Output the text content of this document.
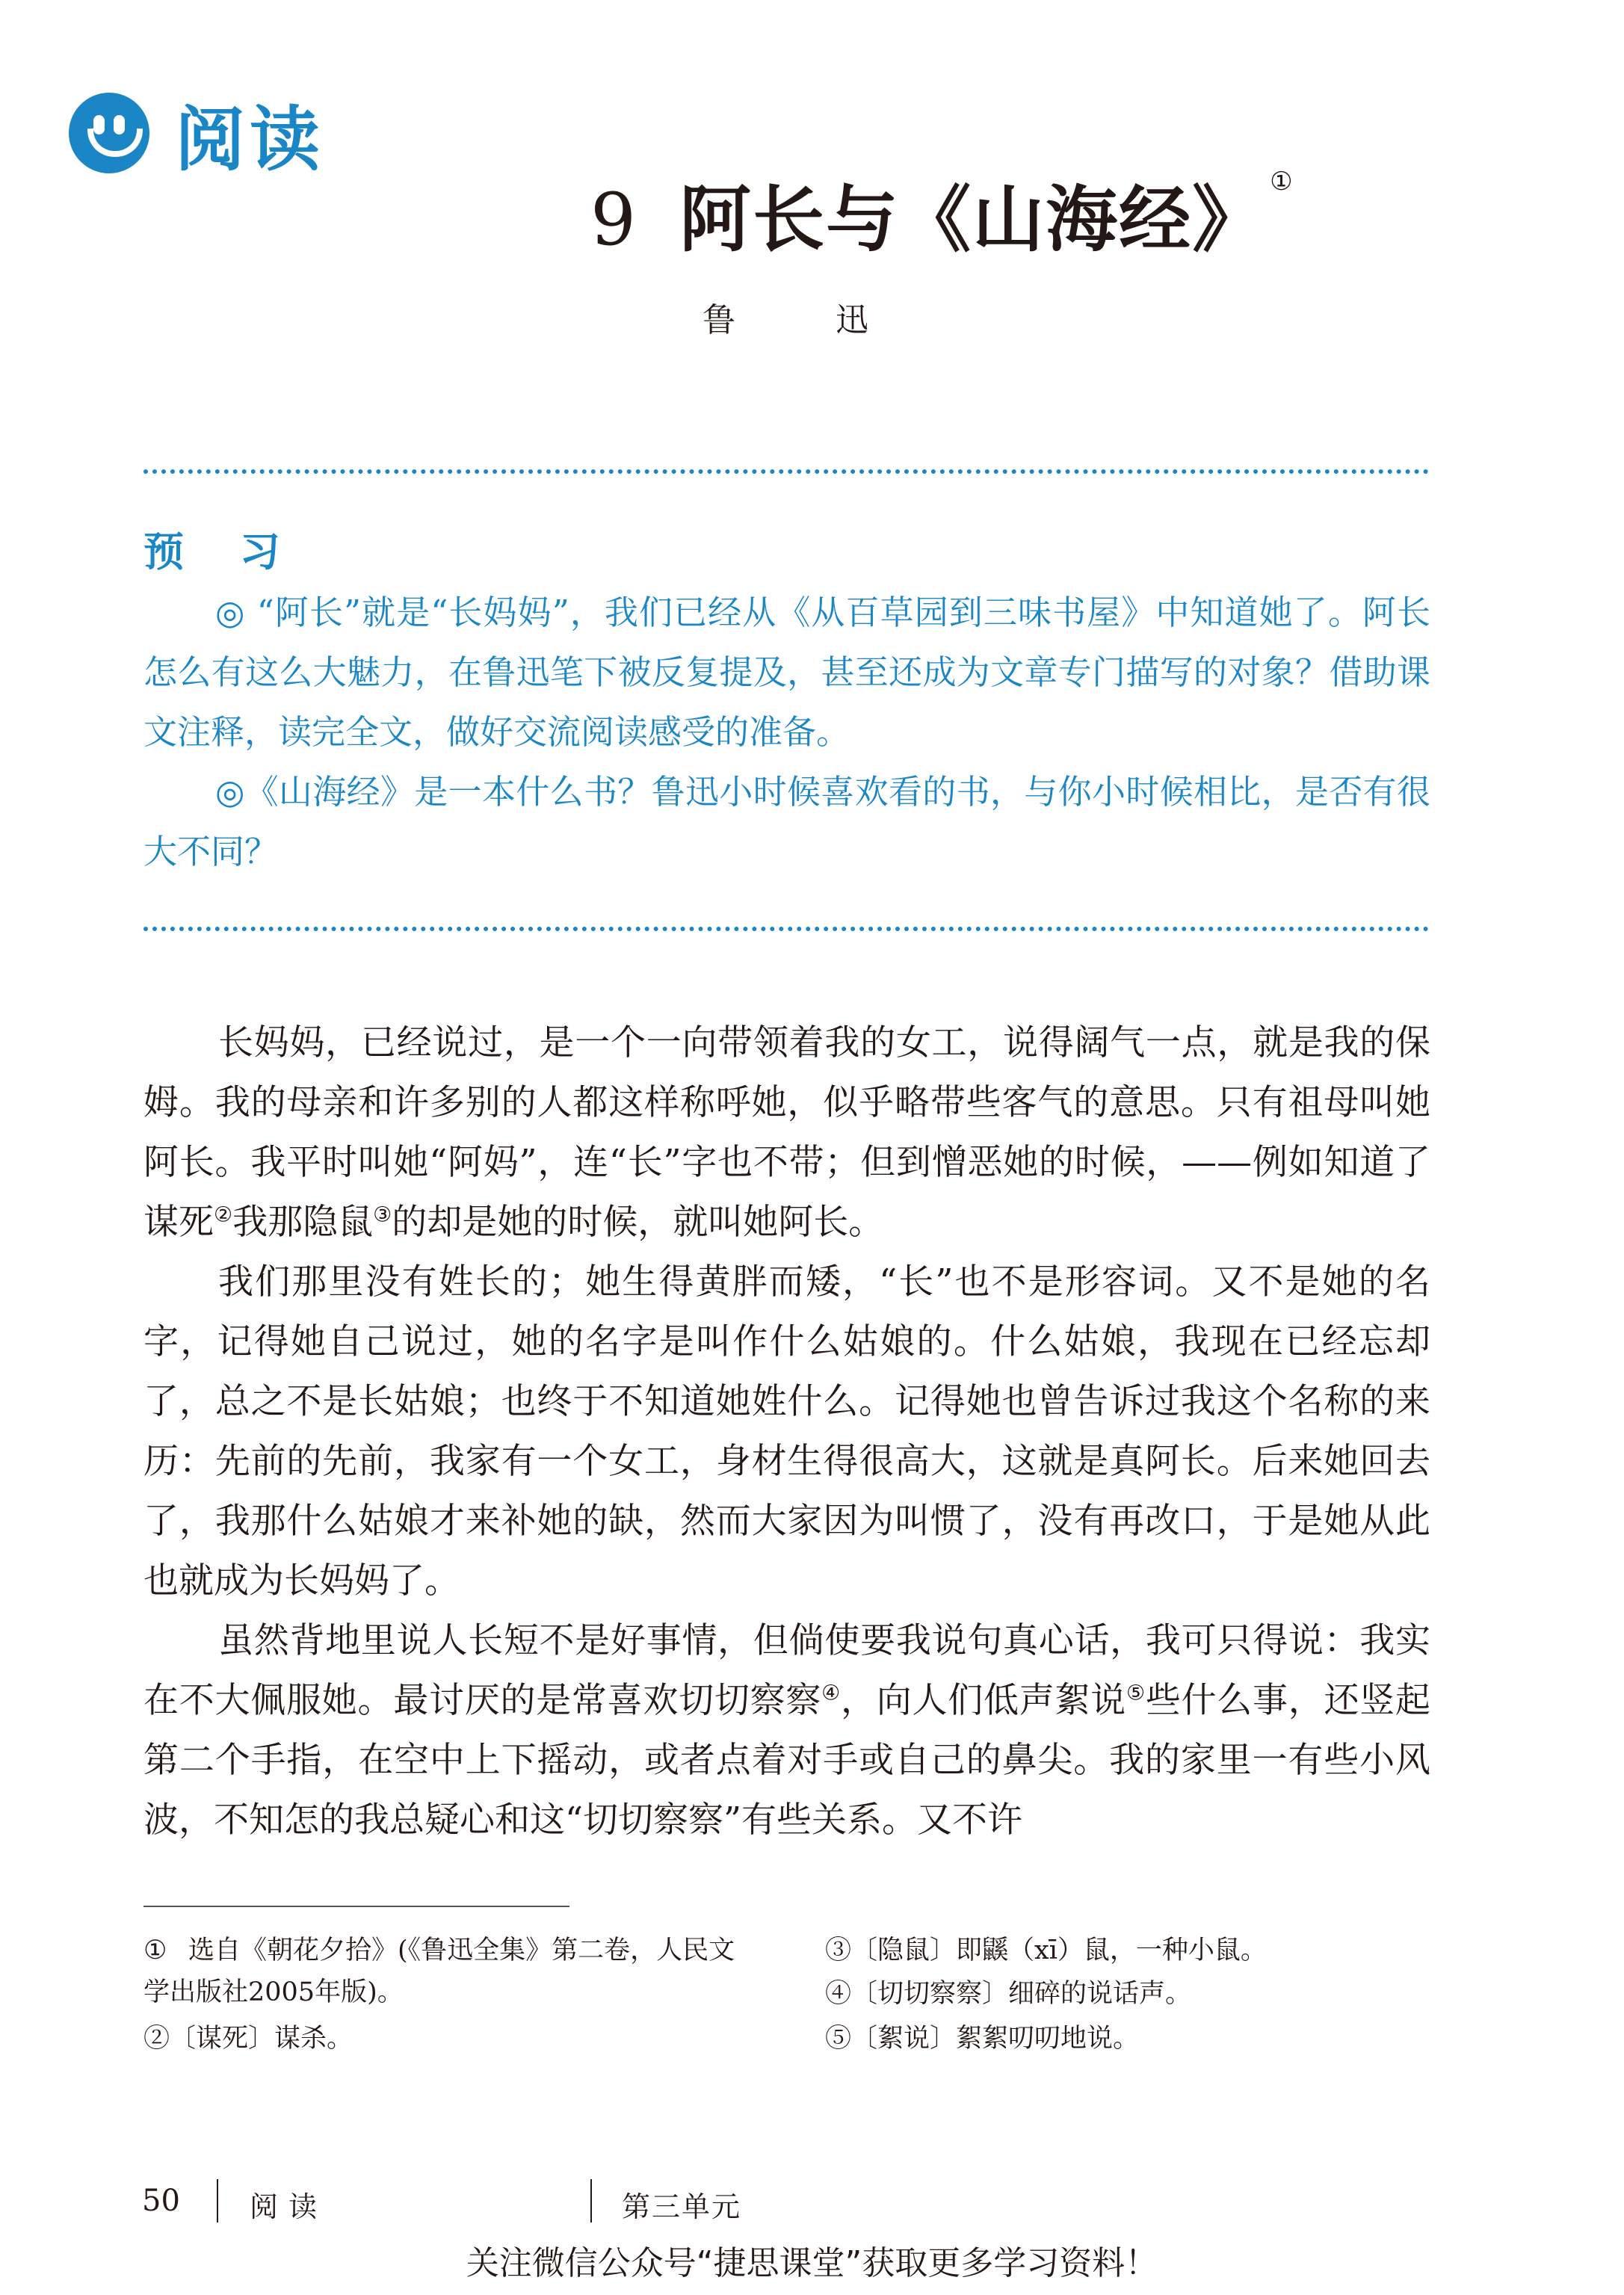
阅读
9 阿长与《山海经》 ①
鲁 迅
预 习

◎ “阿长”就是“长妈妈”，我们已经从《从百草园到三味书屋》中知道她了。阿长怎么有这么大魅力，在鲁迅笔下被反复提及，甚至还成为文章专门描写的对象？借助课文注释，读完全文，做好交流阅读感受的准备。

◎《山海经》是一本什么书？鲁迅小时候喜欢看的书，与你小时候相比，是否有很大不同？

长妈妈，已经说过，是一个一向带领着我的女工，说得阔气一点，就是我的保姆。我的母亲和许多别的人都这样称呼她，似乎略带些客气的意思。只有祖母叫她阿长。我平时叫她“阿妈”，连“长”字也不带；但到憎恶她的时候，——例如知道了谋死②我那隐鼠③的却是她的时候，就叫她阿长。

我们那里没有姓长的；她生得黄胖而矮，“长”也不是形容词。又不是她的名字，记得她自己说过，她的名字是叫作什么姑娘的。什么姑娘，我现在已经忘却了，总之不是长姑娘；也终于不知道她姓什么。记得她也曾告诉过我这个名称的来历：先前的先前，我家有一个女工，身材生得很高大，这就是真阿长。后来她回去了，我那什么姑娘才来补她的缺，然而大家因为叫惯了，没有再改口，于是她从此也就成为长妈妈了。

虽然背地里说人长短不是好事情，但倘使要我说句真心话，我可只得说：我实在不大佩服她。最讨厌的是常喜欢切切察察④，向人们低声絮说⑤些什么事，还竖起第二个手指，在空中上下摇动，或者点着对手或自己的鼻尖。我的家里一有些小风波，不知怎的我总疑心和这“切切察察”有些关系。又不许

① 选自《朝花夕拾》(《鲁迅全集》第二卷，人民文学出版社2005年版)。

②〔谋死〕谋杀。

③〔隐鼠〕即鼷（xī）鼠，一种小鼠。

④〔切切察察〕细碎的说话声。

⑤〔絮说〕絮絮叨叨地说。

50 阅读	第三单元
关注微信公众号“捷思课堂”获取更多学习资料！
